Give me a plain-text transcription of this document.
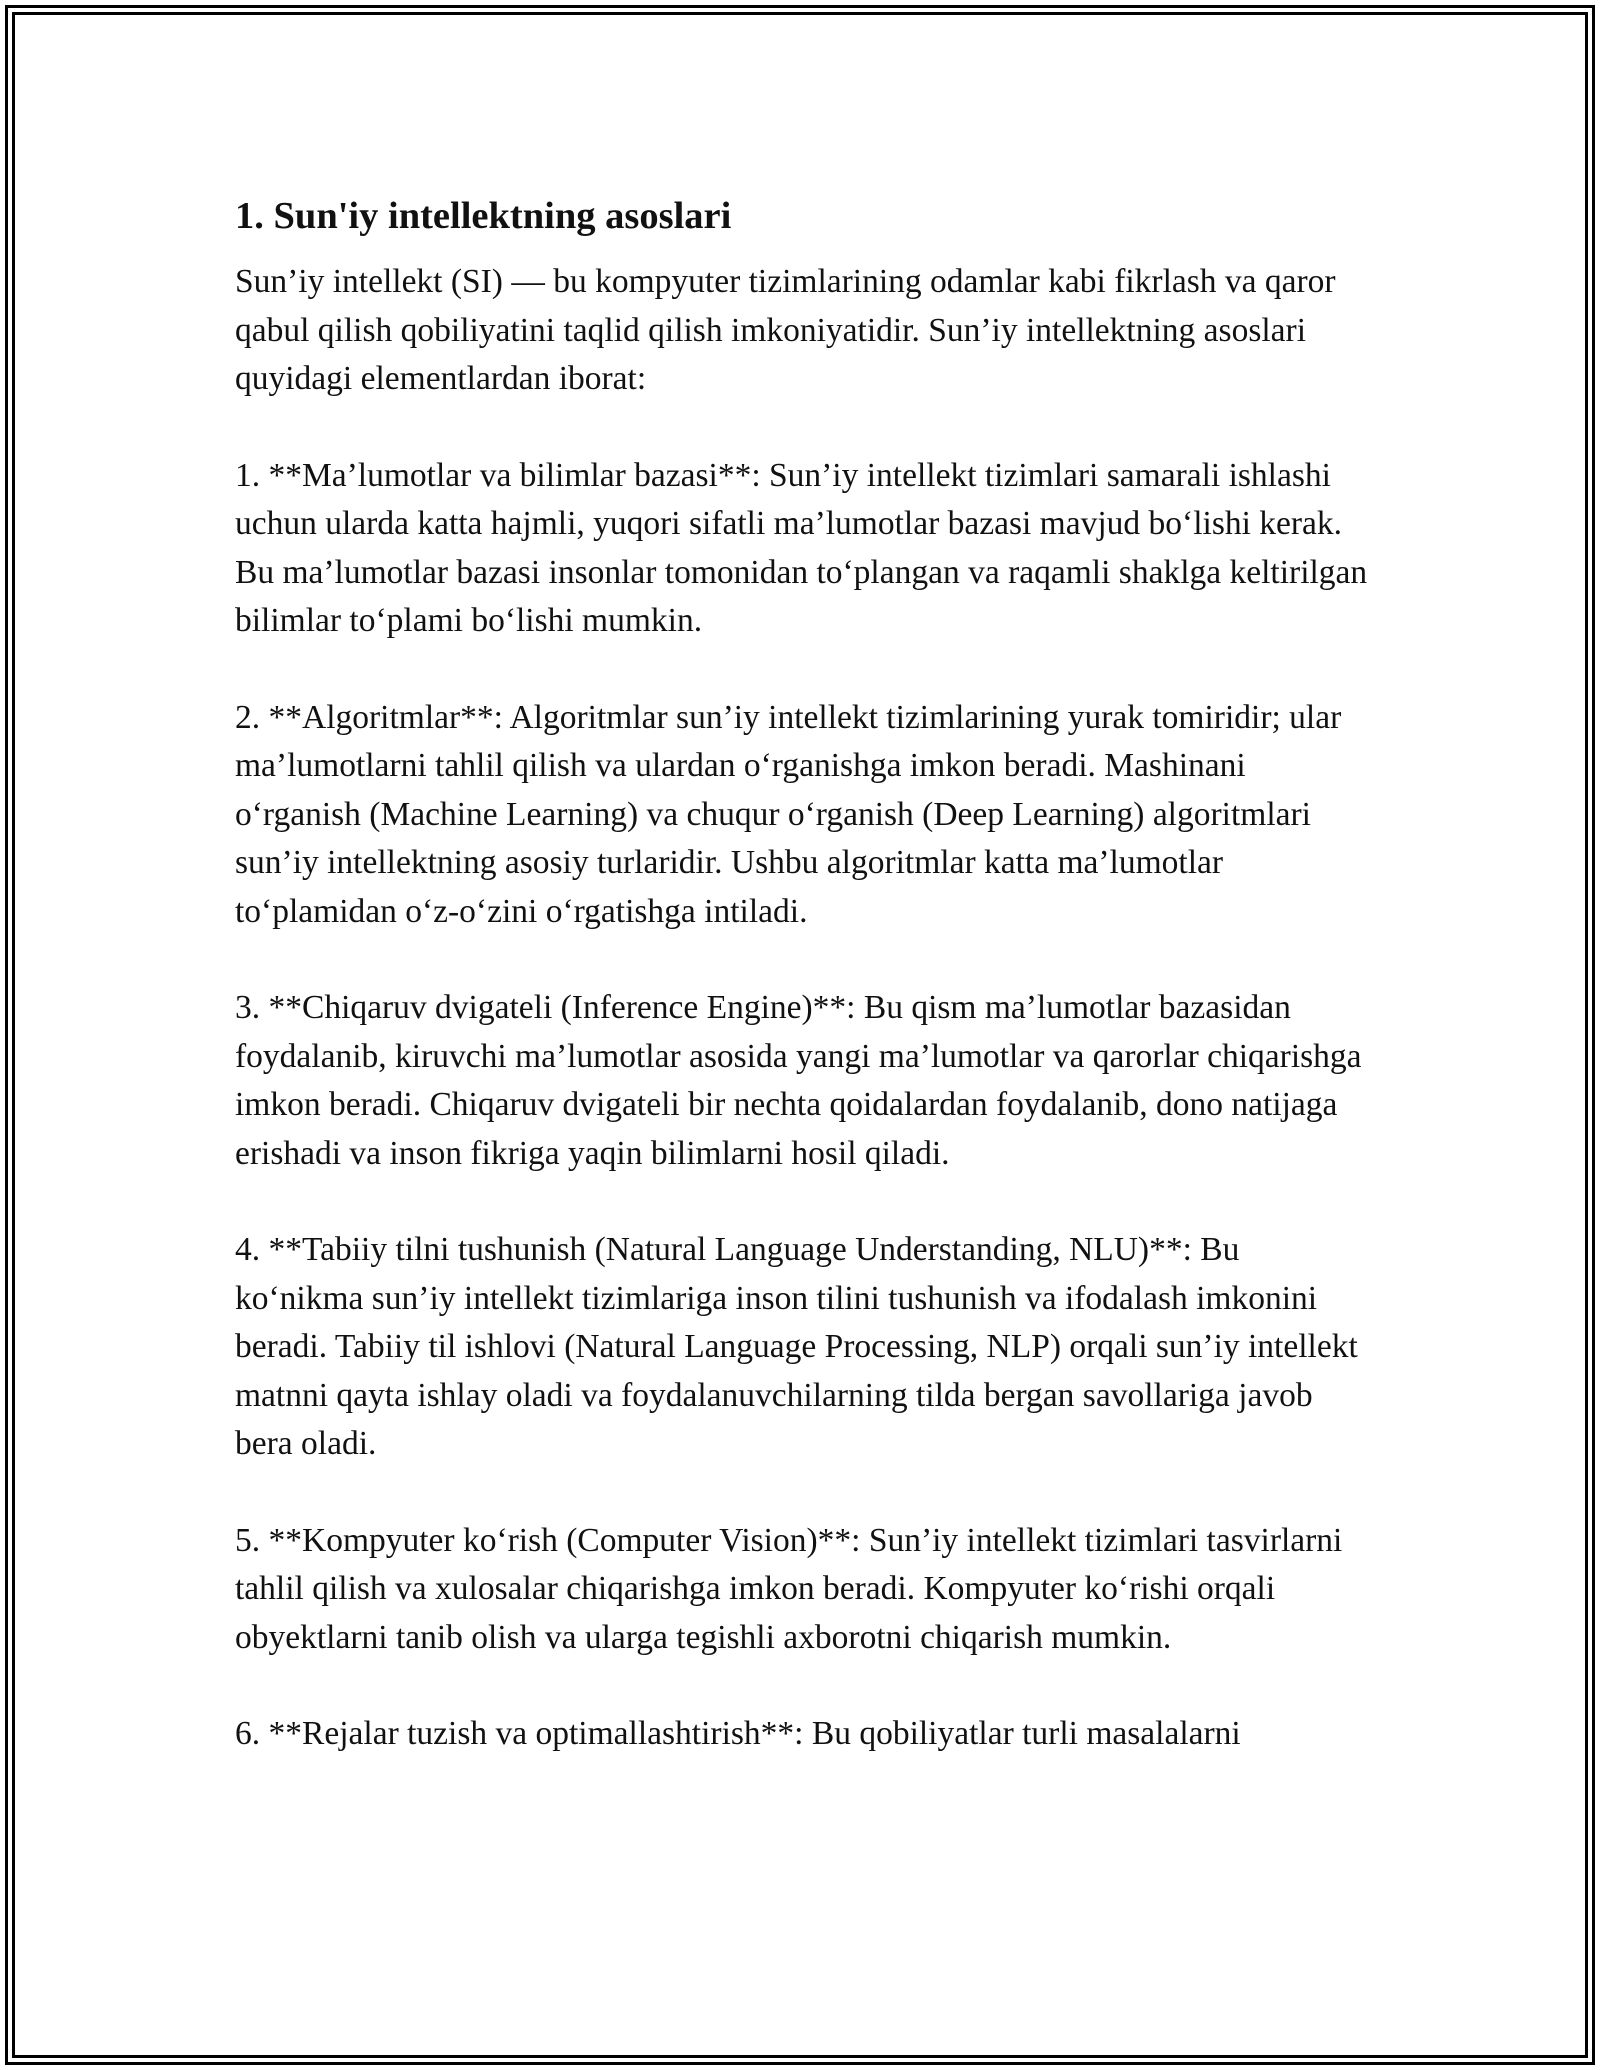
1. Sun'iy intellektning asoslari

Sun’iy intellekt (SI) — bu kompyuter tizimlarining odamlar kabi fikrlash va qaror qabul qilish qobiliyatini taqlid qilish imkoniyatidir. Sun’iy intellektning asoslari quyidagi elementlardan iborat:

1. **Ma’lumotlar va bilimlar bazasi**: Sun’iy intellekt tizimlari samarali ishlashi uchun ularda katta hajmli, yuqori sifatli ma’lumotlar bazasi mavjud bo‘lishi kerak. Bu ma’lumotlar bazasi insonlar tomonidan to‘plangan va raqamli shaklga keltirilgan bilimlar to‘plami bo‘lishi mumkin.

2. **Algoritmlar**: Algoritmlar sun’iy intellekt tizimlarining yurak tomiridir; ular ma’lumotlarni tahlil qilish va ulardan o‘rganishga imkon beradi. Mashinani o‘rganish (Machine Learning) va chuqur o‘rganish (Deep Learning) algoritmlari sun’iy intellektning asosiy turlaridir. Ushbu algoritmlar katta ma’lumotlar to‘plamidan o‘z-o‘zini o‘rgatishga intiladi.

3. **Chiqaruv dvigateli (Inference Engine)**: Bu qism ma’lumotlar bazasidan foydalanib, kiruvchi ma’lumotlar asosida yangi ma’lumotlar va qarorlar chiqarishga imkon beradi. Chiqaruv dvigateli bir nechta qoidalardan foydalanib, dono natijaga erishadi va inson fikriga yaqin bilimlarni hosil qiladi.

4. **Tabiiy tilni tushunish (Natural Language Understanding, NLU)**: Bu ko‘nikma sun’iy intellekt tizimlariga inson tilini tushunish va ifodalash imkonini beradi. Tabiiy til ishlovi (Natural Language Processing, NLP) orqali sun’iy intellekt matnni qayta ishlay oladi va foydalanuvchilarning tilda bergan savollariga javob bera oladi.

5. **Kompyuter ko‘rish (Computer Vision)**: Sun’iy intellekt tizimlari tasvirlarni tahlil qilish va xulosalar chiqarishga imkon beradi. Kompyuter ko‘rishi orqali obyektlarni tanib olish va ularga tegishli axborotni chiqarish mumkin.

6. **Rejalar tuzish va optimallashtirish**: Bu qobiliyatlar turli masalalarni
